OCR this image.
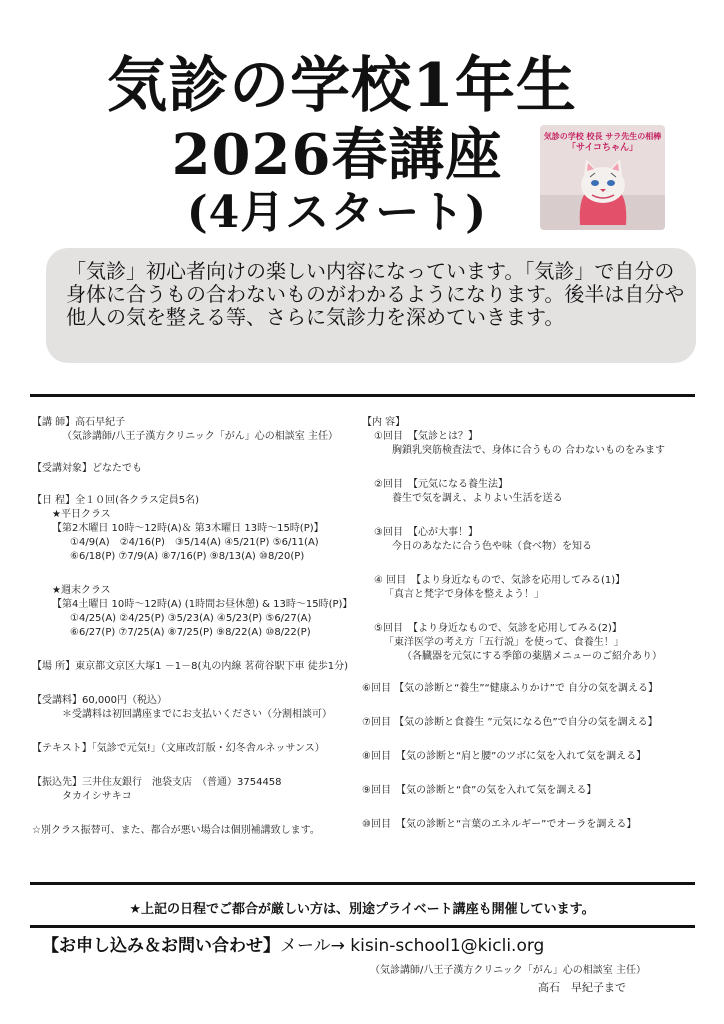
気診の学校1年生
2026春講座
(4月スタート)
気診の学校 校長 サラ先生の相棒
「サイコちゃん」

「気診」初心者向けの楽しい内容になっています。「気診」で自分の身体に合うもの合わないものがわかるようになります。後半は自分や他人の気を整える等、さらに気診力を深めていきます。

【講 師】高石早紀子
（気診講師/八王子漢方クリニック「がん」心の相談室 主任）
【受講対象】どなたでも
【日 程】全１０回(各クラス定員5名)
★平日クラス
【第2木曜日 10時〜12時(A)＆ 第3木曜日 13時〜15時(P)】
①4/9(A)　②4/16(P)　③5/14(A) ④5/21(P) ⑤6/11(A)
⑥6/18(P) ⑦7/9(A) ⑧7/16(P) ⑨8/13(A) ⑩8/20(P)
★週末クラス
【第4土曜日 10時〜12時(A) (1時間お昼休憩) & 13時〜15時(P)】
①4/25(A) ②4/25(P) ③5/23(A) ④5/23(P) ⑤6/27(A)
⑥6/27(P) ⑦7/25(A) ⑧7/25(P) ⑨8/22(A) ⑩8/22(P)
【場 所】東京都文京区大塚1 －1－8(丸の内線 茗荷谷駅下車 徒歩1分)
【受講料】60,000円（税込）
＊受講料は初回講座までにお支払いください（分割相談可）
【テキスト】「気診で元気!」（文庫改訂版・幻冬舎ルネッサンス）
【振込先】三井住友銀行　池袋支店　（普通）3754458
タカイシサキコ
☆別クラス振替可、また、都合が悪い場合は個別補講致します。
【内 容】
①回目　【気診とは？】
胸鎖乳突筋検査法で、身体に合うもの 合わないものをみます
②回目　【元気になる養生法】
養生で気を調え、よりよい生活を送る
③回目　【心が大事！】
今日のあなたに合う色や味（食べ物）を知る
④ 回目　【より身近なもので、気診を応用してみる(1)】
「真言と梵字で身体を整えよう！」
⑤回目　【より身近なもので、気診を応用してみる(2)】
「東洋医学の考え方「五行説」を使って、食養生！」
（各臓器を元気にする季節の薬膳メニューのご紹介あり）
⑥回目 【気の診断と“養生”“健康ふりかけ”で 自分の気を調える】
⑦回目 【気の診断と食養生 ”元気になる色”で自分の気を調える】
⑧回目　【気の診断と“肩と腰”のツボに気を入れて気を調える】
⑨回目　【気の診断と“食”の気を入れて気を調える】
⑩回目　【気の診断と“言葉のエネルギー”でオーラを調える】
★上記の日程でご都合が厳しい方は、別途プライベート講座も開催しています。
【お申し込み＆お問い合わせ】メール→ kisin-school1@kicli.org
（気診講師/八王子漢方クリニック「がん」心の相談室 主任）
高石　早紀子まで
